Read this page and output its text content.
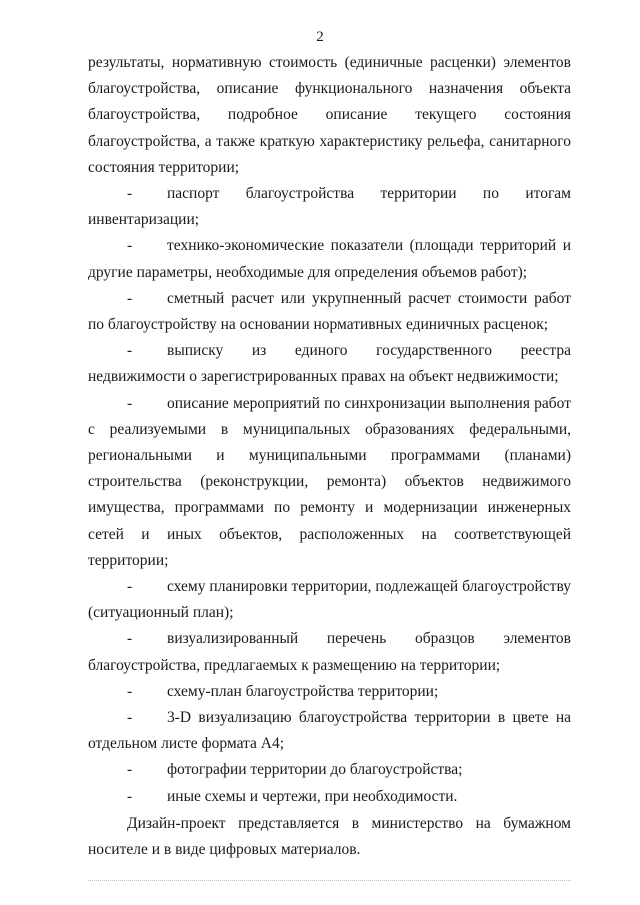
2

результаты, нормативную стоимость (единичные расценки) элементов благоустройства, описание функционального назначения объекта благоустройства, подробное описание текущего состояния благоустройства, а также краткую характеристику рельефа, санитарного состояния территории;

- паспорт благоустройства территории по итогам инвентаризации;

- технико-экономические показатели (площади территорий и другие параметры, необходимые для определения объемов работ);

- сметный расчет или укрупненный расчет стоимости работ по благоустройству на основании нормативных единичных расценок;

- выписку из единого государственного реестра недвижимости о зарегистрированных правах на объект недвижимости;

- описание мероприятий по синхронизации выполнения работ с реализуемыми в муниципальных образованиях федеральными, региональными и муниципальными программами (планами) строительства (реконструкции, ремонта) объектов недвижимого имущества, программами по ремонту и модернизации инженерных сетей и иных объектов, расположенных на соответствующей территории;

- схему планировки территории, подлежащей благоустройству (ситуационный план);

- визуализированный перечень образцов элементов благоустройства, предлагаемых к размещению на территории;

- схему-план благоустройства территории;

- 3-D визуализацию благоустройства территории в цвете на отдельном листе формата А4;

- фотографии территории до благоустройства;

- иные схемы и чертежи, при необходимости.

Дизайн-проект представляется в министерство на бумажном носителе и в виде цифровых материалов.
